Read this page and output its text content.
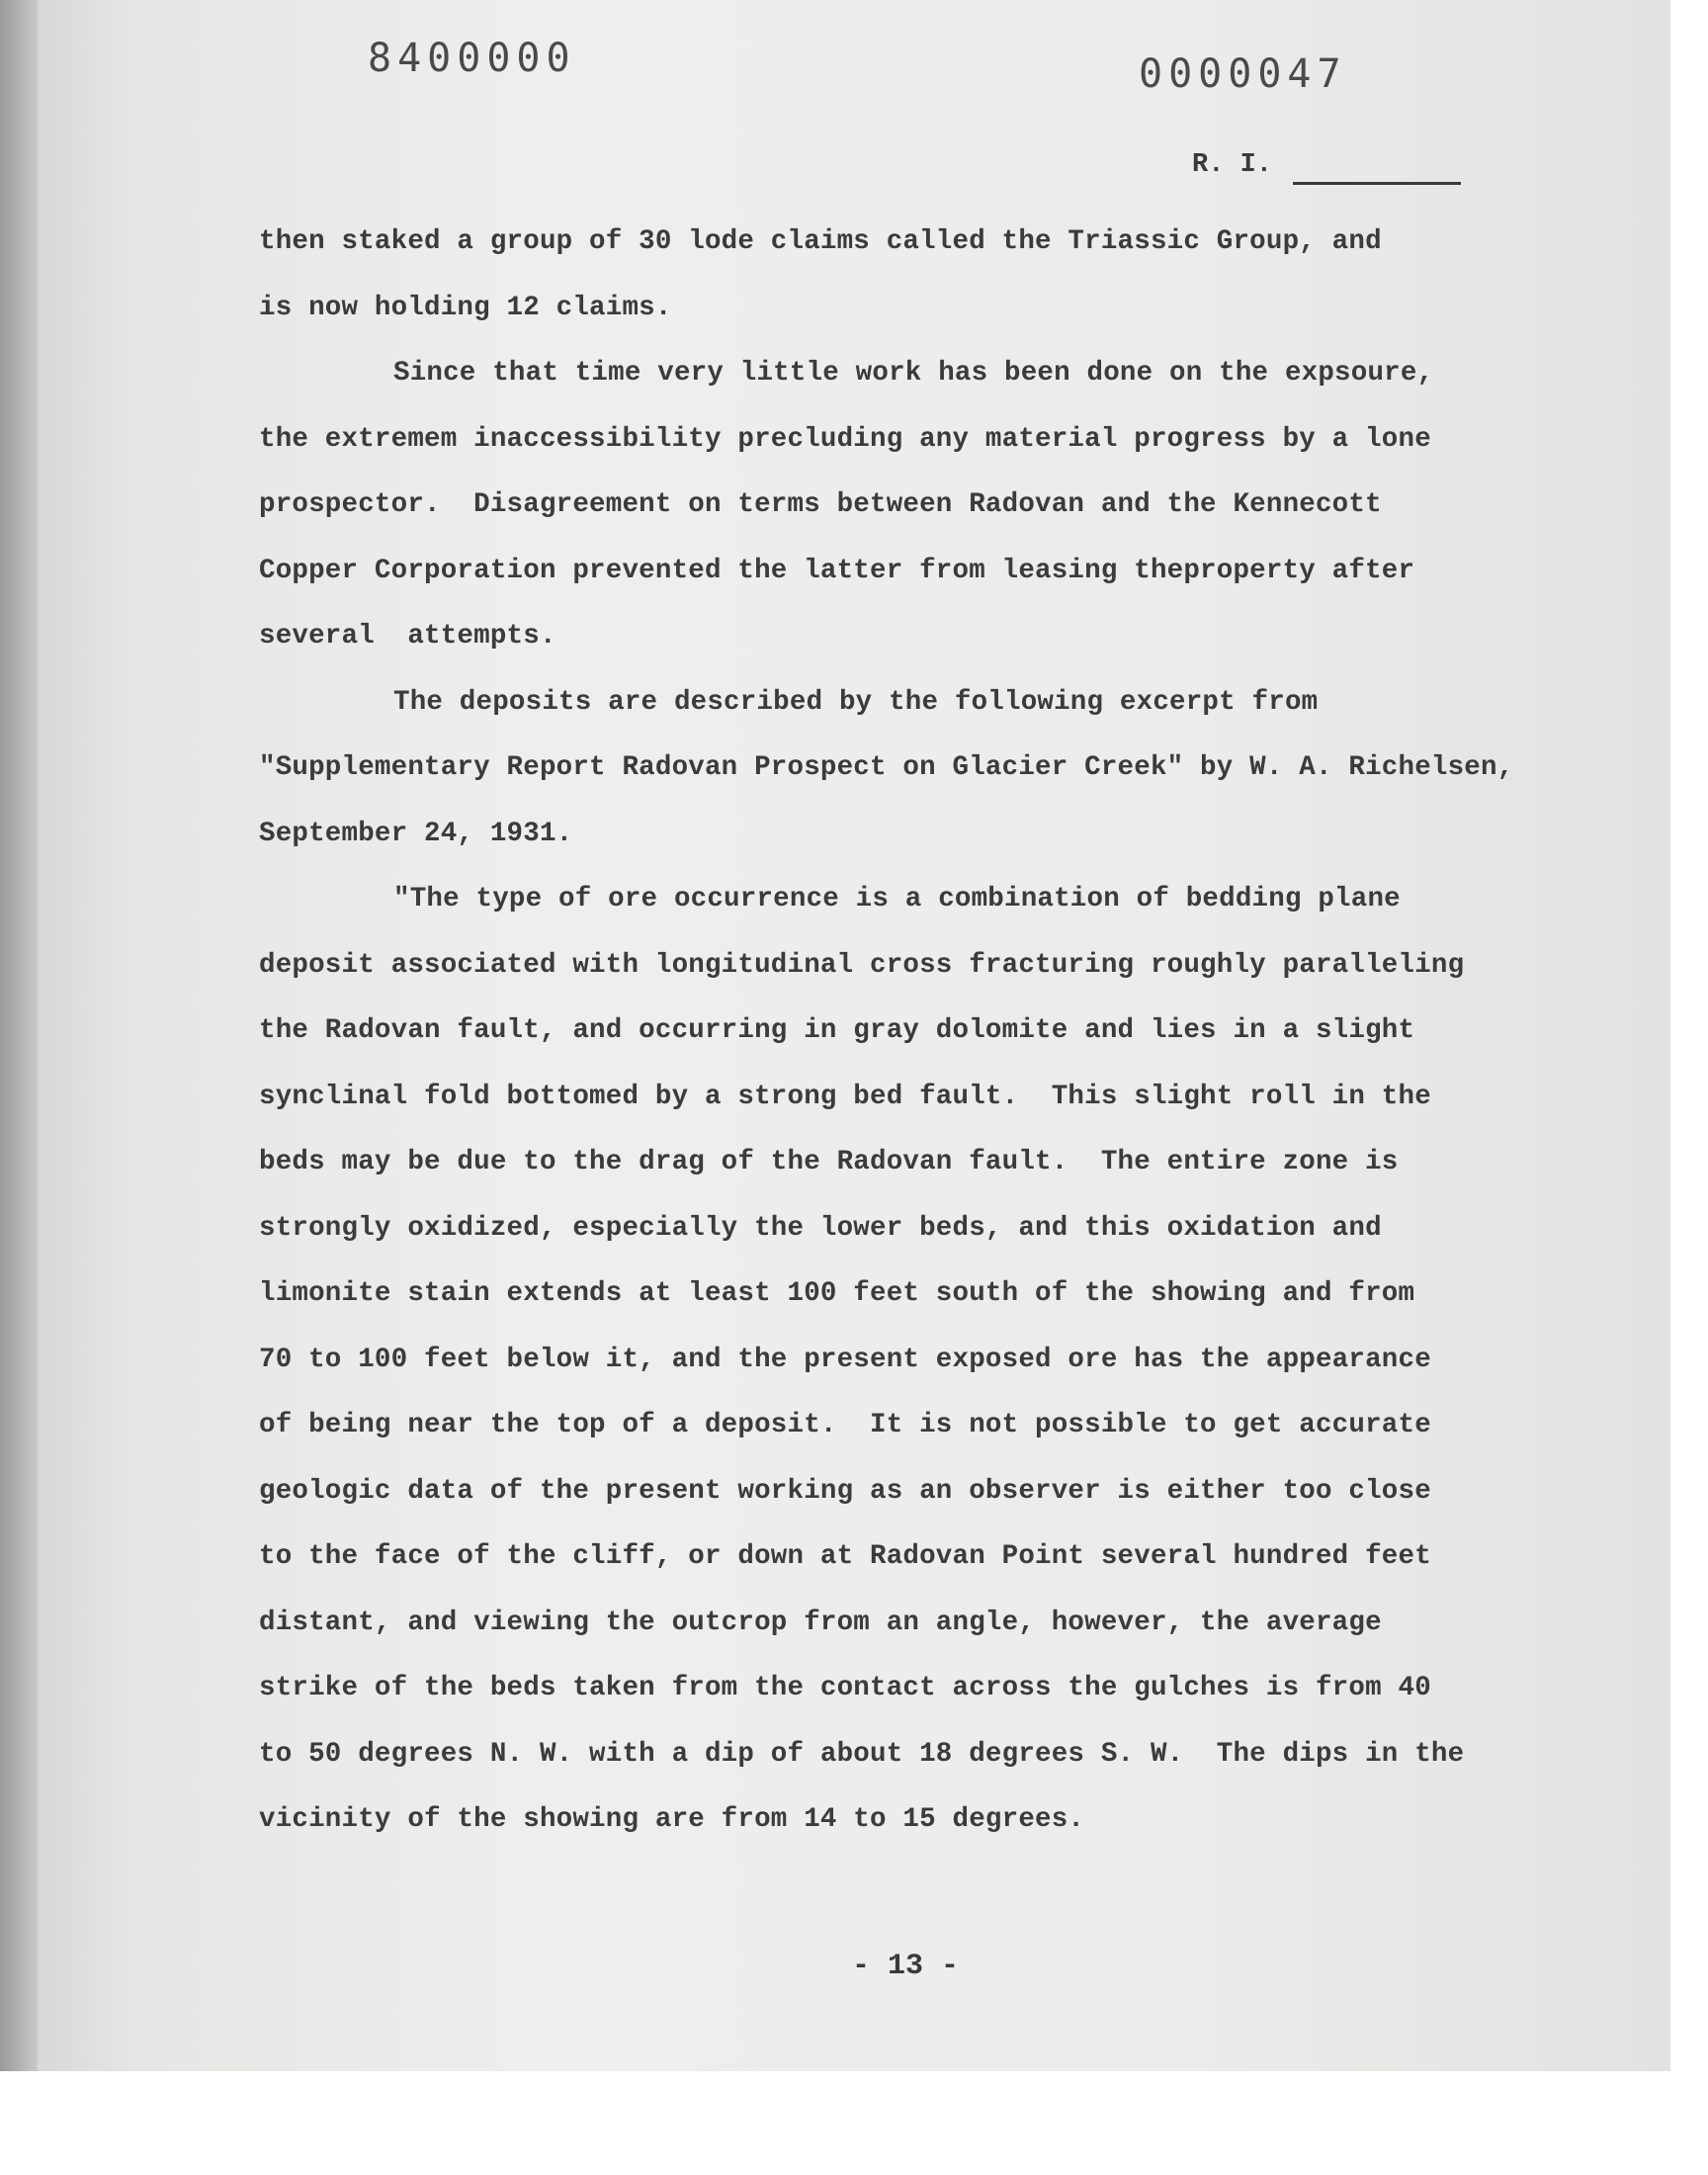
8400000	0000047
R. I.
then staked a group of 30 lode claims called the Triassic Group, and
is now holding 12 claims.
Since that time very little work has been done on the expsoure,
the extremem inaccessibility precluding any material progress by a lone
prospector.  Disagreement on terms between Radovan and the Kennecott
Copper Corporation prevented the latter from leasing theproperty after
several  attempts.
The deposits are described by the following excerpt from
"Supplementary Report Radovan Prospect on Glacier Creek" by W. A. Richelsen,
September 24, 1931.
"The type of ore occurrence is a combination of bedding plane
deposit associated with longitudinal cross fracturing roughly paralleling
the Radovan fault, and occurring in gray dolomite and lies in a slight
synclinal fold bottomed by a strong bed fault.  This slight roll in the
beds may be due to the drag of the Radovan fault.  The entire zone is
strongly oxidized, especially the lower beds, and this oxidation and
limonite stain extends at least 100 feet south of the showing and from
70 to 100 feet below it, and the present exposed ore has the appearance
of being near the top of a deposit.  It is not possible to get accurate
geologic data of the present working as an observer is either too close
to the face of the cliff, or down at Radovan Point several hundred feet
distant, and viewing the outcrop from an angle, however, the average
strike of the beds taken from the contact across the gulches is from 40
to 50 degrees N. W. with a dip of about 18 degrees S. W.  The dips in the
vicinity of the showing are from 14 to 15 degrees.
- 13 -
